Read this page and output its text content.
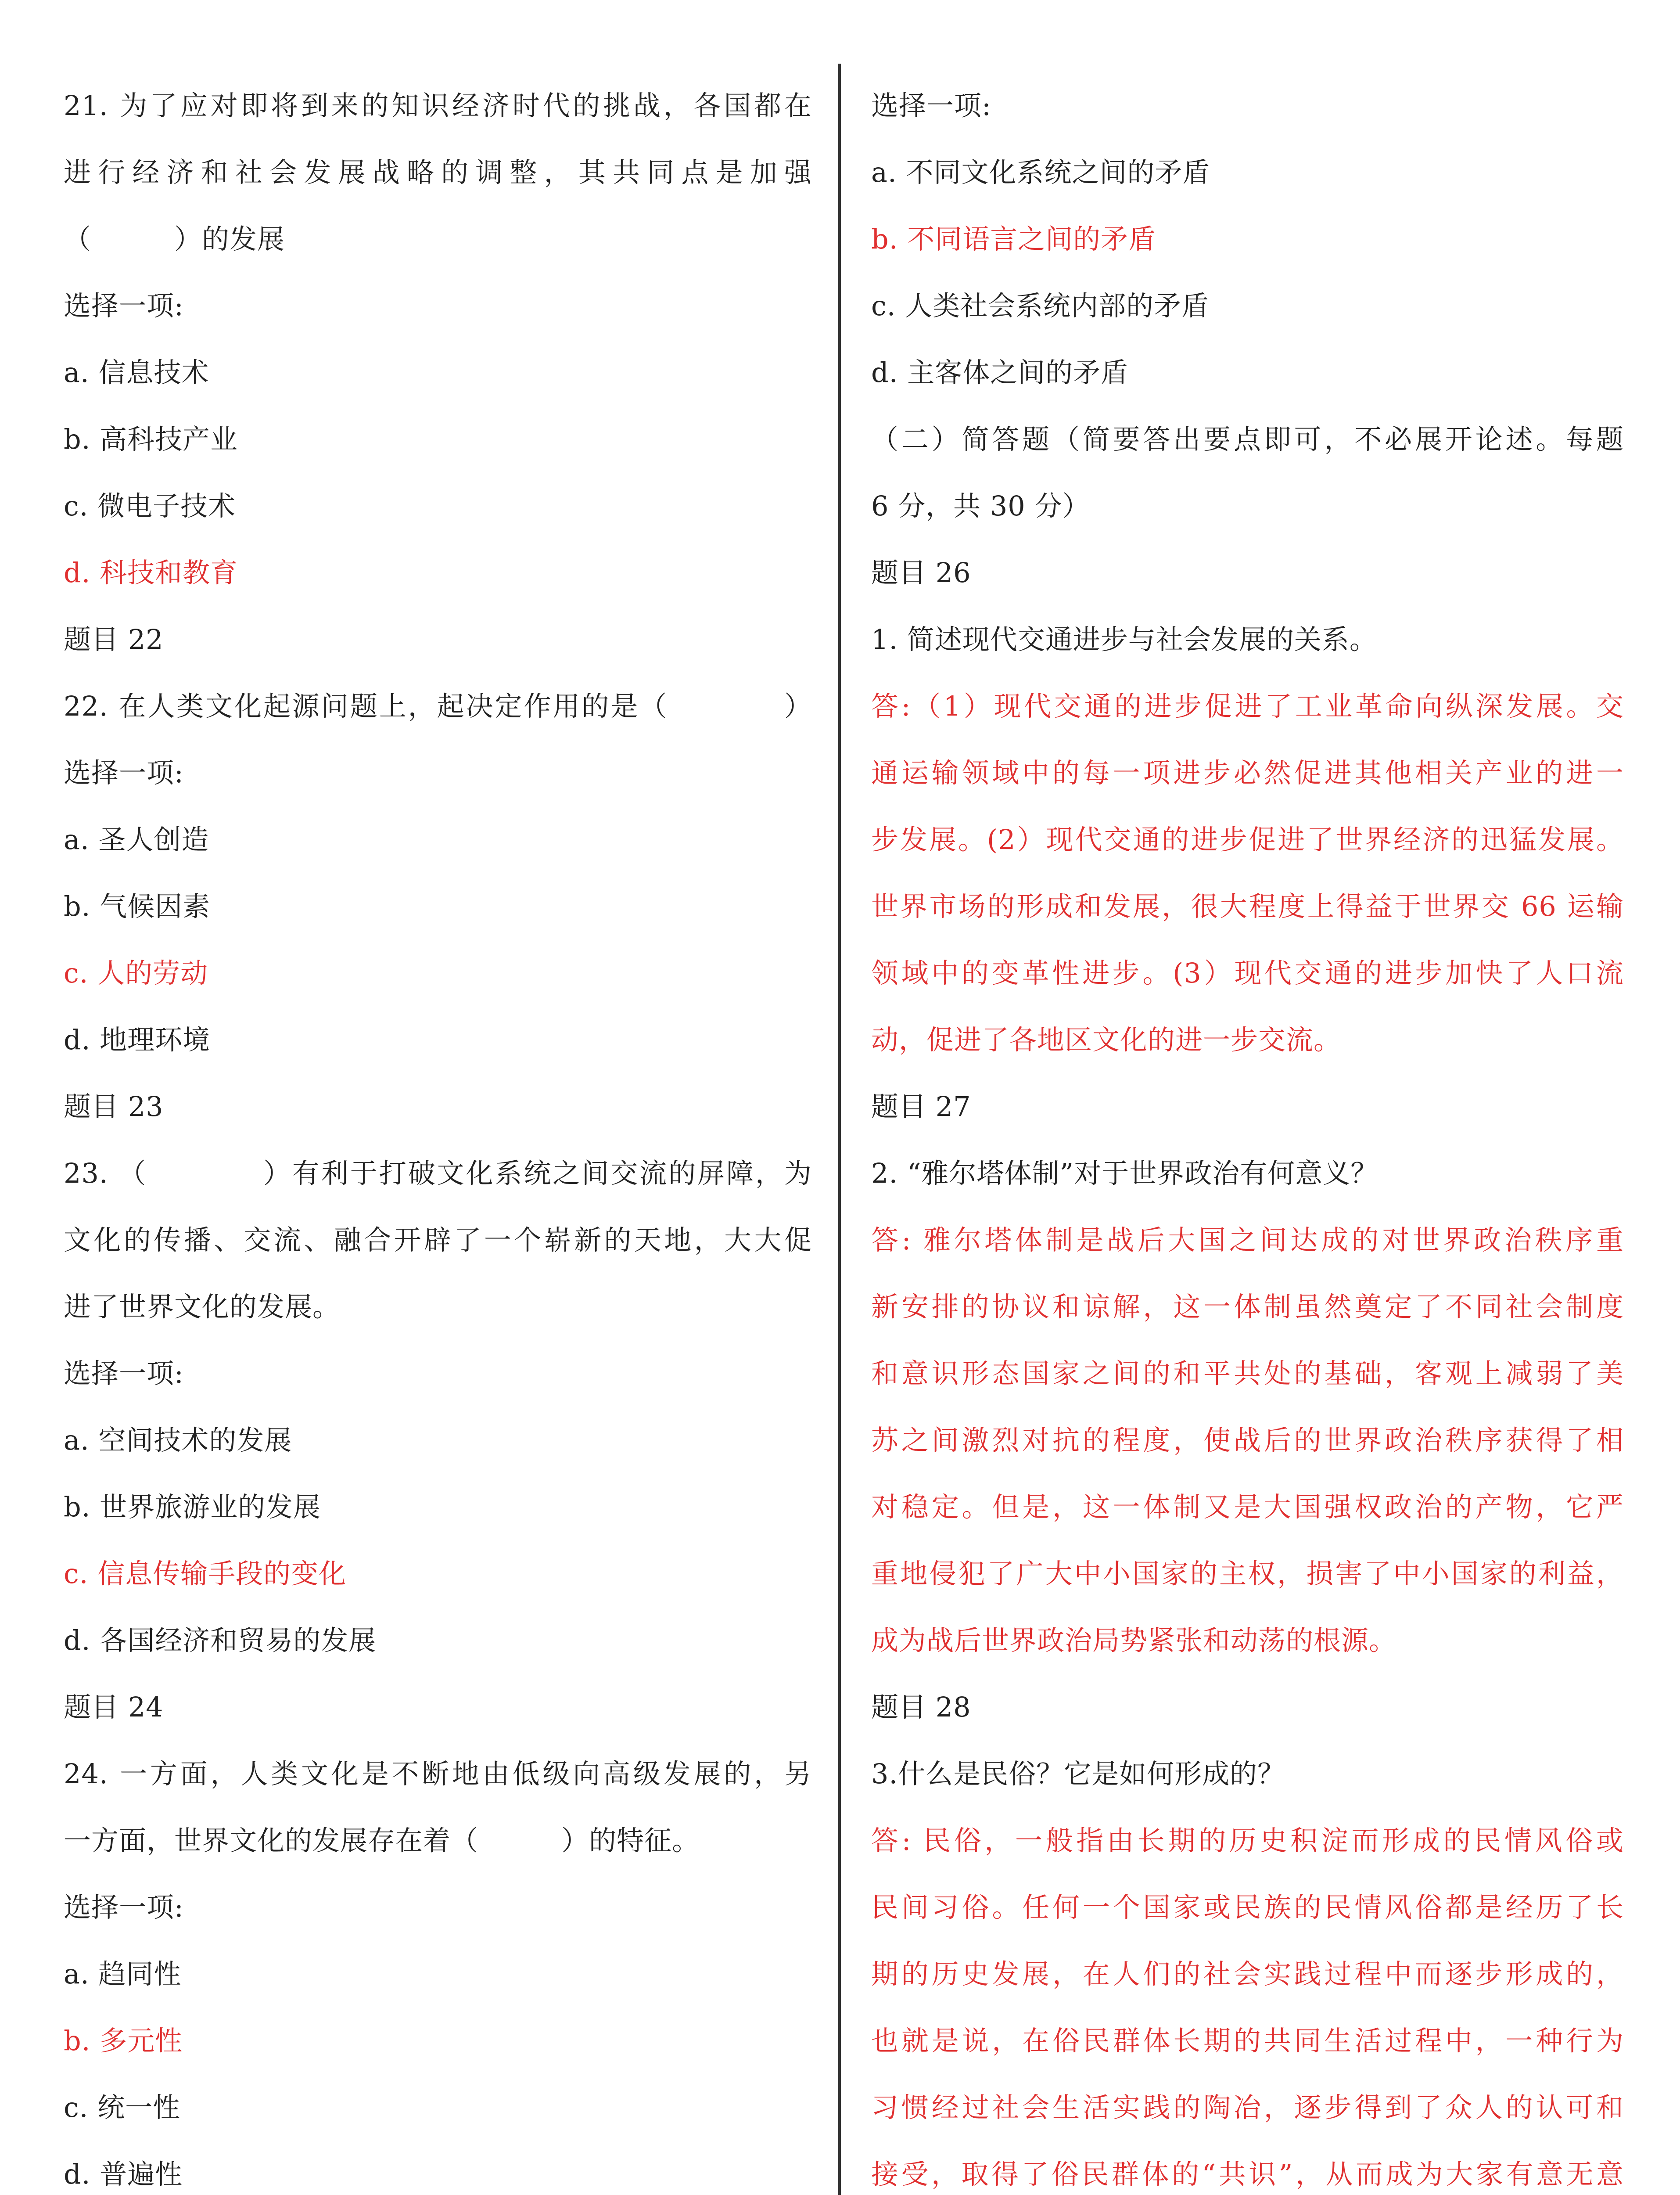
21. 为了应对即将到来的知识经济时代的挑战，各国都在
进行经济和社会发展战略的调整，其共同点是加强
（　　　）的发展
选择一项:
a. 信息技术
b. 高科技产业
c. 微电子技术
d. 科技和教育
题目 22
22. 在人类文化起源问题上，起决定作用的是（　　　　）
选择一项:
a. 圣人创造
b. 气候因素
c. 人的劳动
d. 地理环境
题目 23
23. （　　　　）有利于打破文化系统之间交流的屏障，为
文化的传播、交流、融合开辟了一个崭新的天地，大大促
进了世界文化的发展。
选择一项:
a. 空间技术的发展
b. 世界旅游业的发展
c. 信息传输手段的变化
d. 各国经济和贸易的发展
题目 24
24. 一方面，人类文化是不断地由低级向高级发展的，另
一方面，世界文化的发展存在着（　　　）的特征。
选择一项:
a. 趋同性
b. 多元性
c. 统一性
d. 普遍性
选择一项:
a. 不同文化系统之间的矛盾
b. 不同语言之间的矛盾
c. 人类社会系统内部的矛盾
d. 主客体之间的矛盾
（二）简答题（简要答出要点即可，不必展开论述。每题
6 分，共 30 分）
题目 26
1. 简述现代交通进步与社会发展的关系。
答:（1）现代交通的进步促进了工业革命向纵深发展。交
通运输领域中的每一项进步必然促进其他相关产业的进一
步发展。(2）现代交通的进步促进了世界经济的迅猛发展。
世界市场的形成和发展，很大程度上得益于世界交 66 运输
领域中的变革性进步。(3）现代交通的进步加快了人口流
动，促进了各地区文化的进一步交流。
题目 27
2. “雅尔塔体制”对于世界政治有何意义？
答: 雅尔塔体制是战后大国之间达成的对世界政治秩序重
新安排的协议和谅解，这一体制虽然奠定了不同社会制度
和意识形态国家之间的和平共处的基础，客观上减弱了美
苏之间激烈对抗的程度，使战后的世界政治秩序获得了相
对稳定。但是，这一体制又是大国强权政治的产物，它严
重地侵犯了广大中小国家的主权，损害了中小国家的利益，
成为战后世界政治局势紧张和动荡的根源。
题目 28
3.什么是民俗？它是如何形成的？
答: 民俗，一般指由长期的历史积淀而形成的民情风俗或
民间习俗。任何一个国家或民族的民情风俗都是经历了长
期的历史发展，在人们的社会实践过程中而逐步形成的，
也就是说，在俗民群体长期的共同生活过程中，一种行为
习惯经过社会生活实践的陶冶，逐步得到了众人的认可和
接受，取得了俗民群体的“共识”，从而成为大家有意无意
